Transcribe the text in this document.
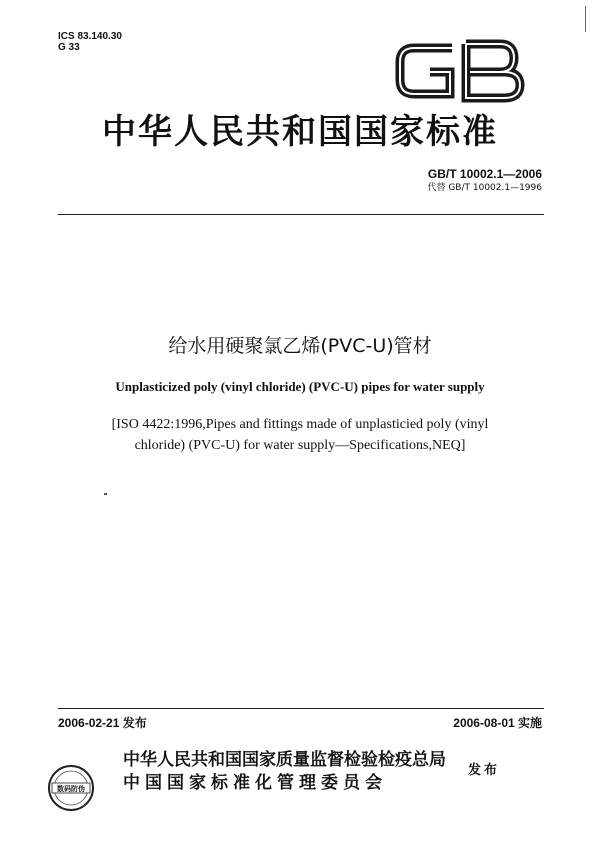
ICS 83.140.30
G 33
中华人民共和国国家标准
GB/T 10002.1—2006
代替 GB/T 10002.1—1996
给水用硬聚氯乙烯(PVC-U)管材
Unplasticized poly (vinyl chloride) (PVC-U) pipes for water supply
[ISO 4422:1996,Pipes and fittings made of unplasticied poly (vinyl
chloride) (PVC-U) for water supply—Specifications,NEQ]
2006-02-21 发布	2006-08-01 实施
数码防伪
中华人民共和国国家质量监督检验检疫总局
中国国家标准化管理委员会
发布
